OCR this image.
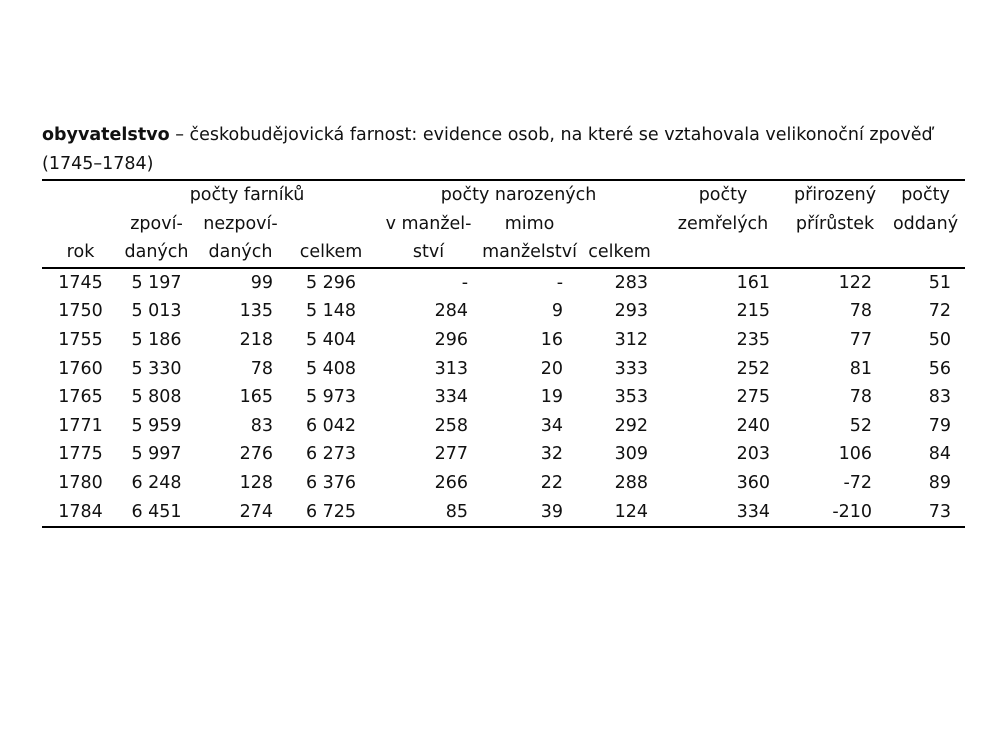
obyvatelstvo – českobudějovická farnost: evidence osob, na které se vztahovala velikonoční zpověď
(1745–1784)

	počty farníků			počty narozených			počty	přirozený	počty
	zpoví-	nezpoví-		v manžel-	mimo		zemřelých	přírůstek	oddaný
rok	daných	daných	celkem	ství	manželství	celkem			
1745	5 197	99	5 296	-	-	283	161	122	51
1750	5 013	135	5 148	284	9	293	215	78	72
1755	5 186	218	5 404	296	16	312	235	77	50
1760	5 330	78	5 408	313	20	333	252	81	56
1765	5 808	165	5 973	334	19	353	275	78	83
1771	5 959	83	6 042	258	34	292	240	52	79
1775	5 997	276	6 273	277	32	309	203	106	84
1780	6 248	128	6 376	266	22	288	360	-72	89
1784	6 451	274	6 725	85	39	124	334	-210	73
